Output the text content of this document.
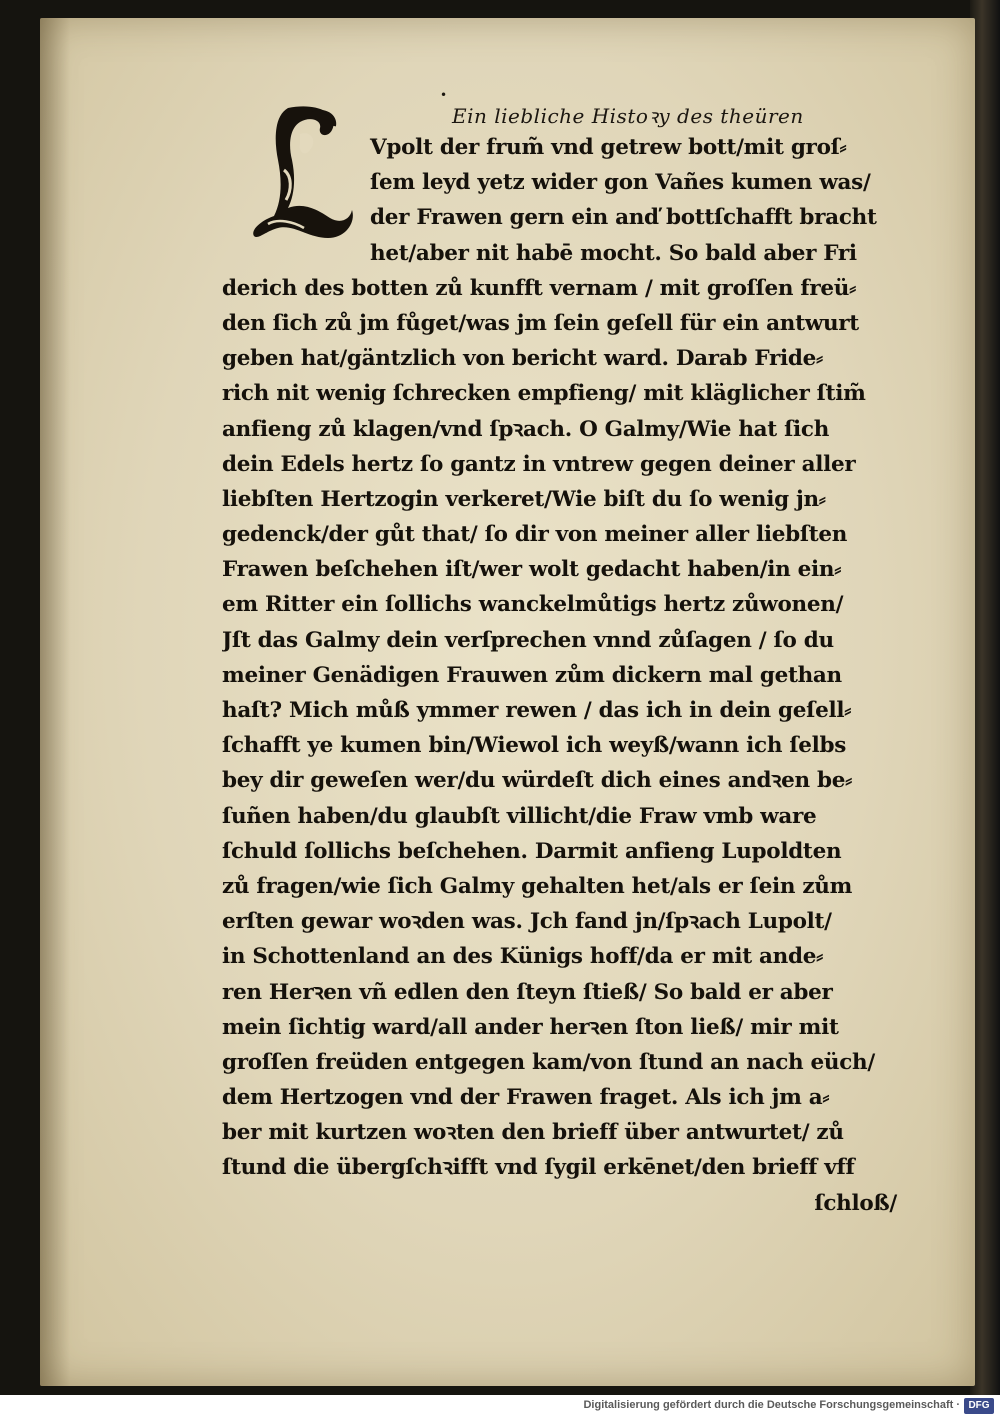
Ein liebliche Histoꝛy des theüren
•
Vpolt der frum̃ vnd getrew bott/mit groſ⸗
ſem leyd yetz wider gon Vañes kumen was/
der Frawen gern ein anď bottſchafft bracht
het/aber nit habē mocht. So bald aber Fri
derich des botten zů kunfft vernam / mit groſſen freü⸗
den ſich zů jm fůget/was jm ſein geſell für ein antwurt
geben hat/gäntzlich von bericht ward. Darab Fride⸗
rich nit wenig ſchrecken empfieng/ mit kläglicher ſtim̃
anfieng zů klagen/vnd ſpꝛach. O Galmy/Wie hat ſich
dein Edels hertz ſo gantz in vntrew gegen deiner aller
liebſten Hertzogin verkeret/Wie biſt du ſo wenig jn⸗
gedenck/der gůt that/ ſo dir von meiner aller liebſten
Frawen beſchehen iſt/wer wolt gedacht haben/in ein⸗
em Ritter ein ſollichs wanckelmůtigs hertz zůwonen/
Jſt das Galmy dein verſprechen vnnd zůſagen / ſo du
meiner Genädigen Frauwen zům dickern mal gethan
haſt? Mich můß ymmer rewen / das ich in dein geſell⸗
ſchafft ye kumen bin/Wiewol ich weyß/wann ich ſelbs
bey dir geweſen wer/du würdeſt dich eines andꝛen be⸗
ſuñen haben/du glaubſt villicht/die Fraw vmb ware
ſchuld ſollichs beſchehen. Darmit anfieng Lupoldten
zů fragen/wie ſich Galmy gehalten het/als er ſein zům
erſten gewar woꝛden was. Jch fand jn/ſpꝛach Lupolt/
in Schottenland an des Künigs hoff/da er mit ande⸗
ren Herꝛen vñ edlen den ſteyn ſtieß/ So bald er aber
mein ſichtig ward/all ander herꝛen ſton ließ/ mir mit
groſſen freüden entgegen kam/von ſtund an nach eüch/
dem Hertzogen vnd der Frawen fraget. Als ich jm a⸗
ber mit kurtzen woꝛten den brieff über antwurtet/ zů
ſtund die übergſchꝛifft vnd ſygil erkēnet/den brieff vff
ſchloß/
Digitalisierung gefördert durch die Deutsche Forschungsgemeinschaft · DFG
